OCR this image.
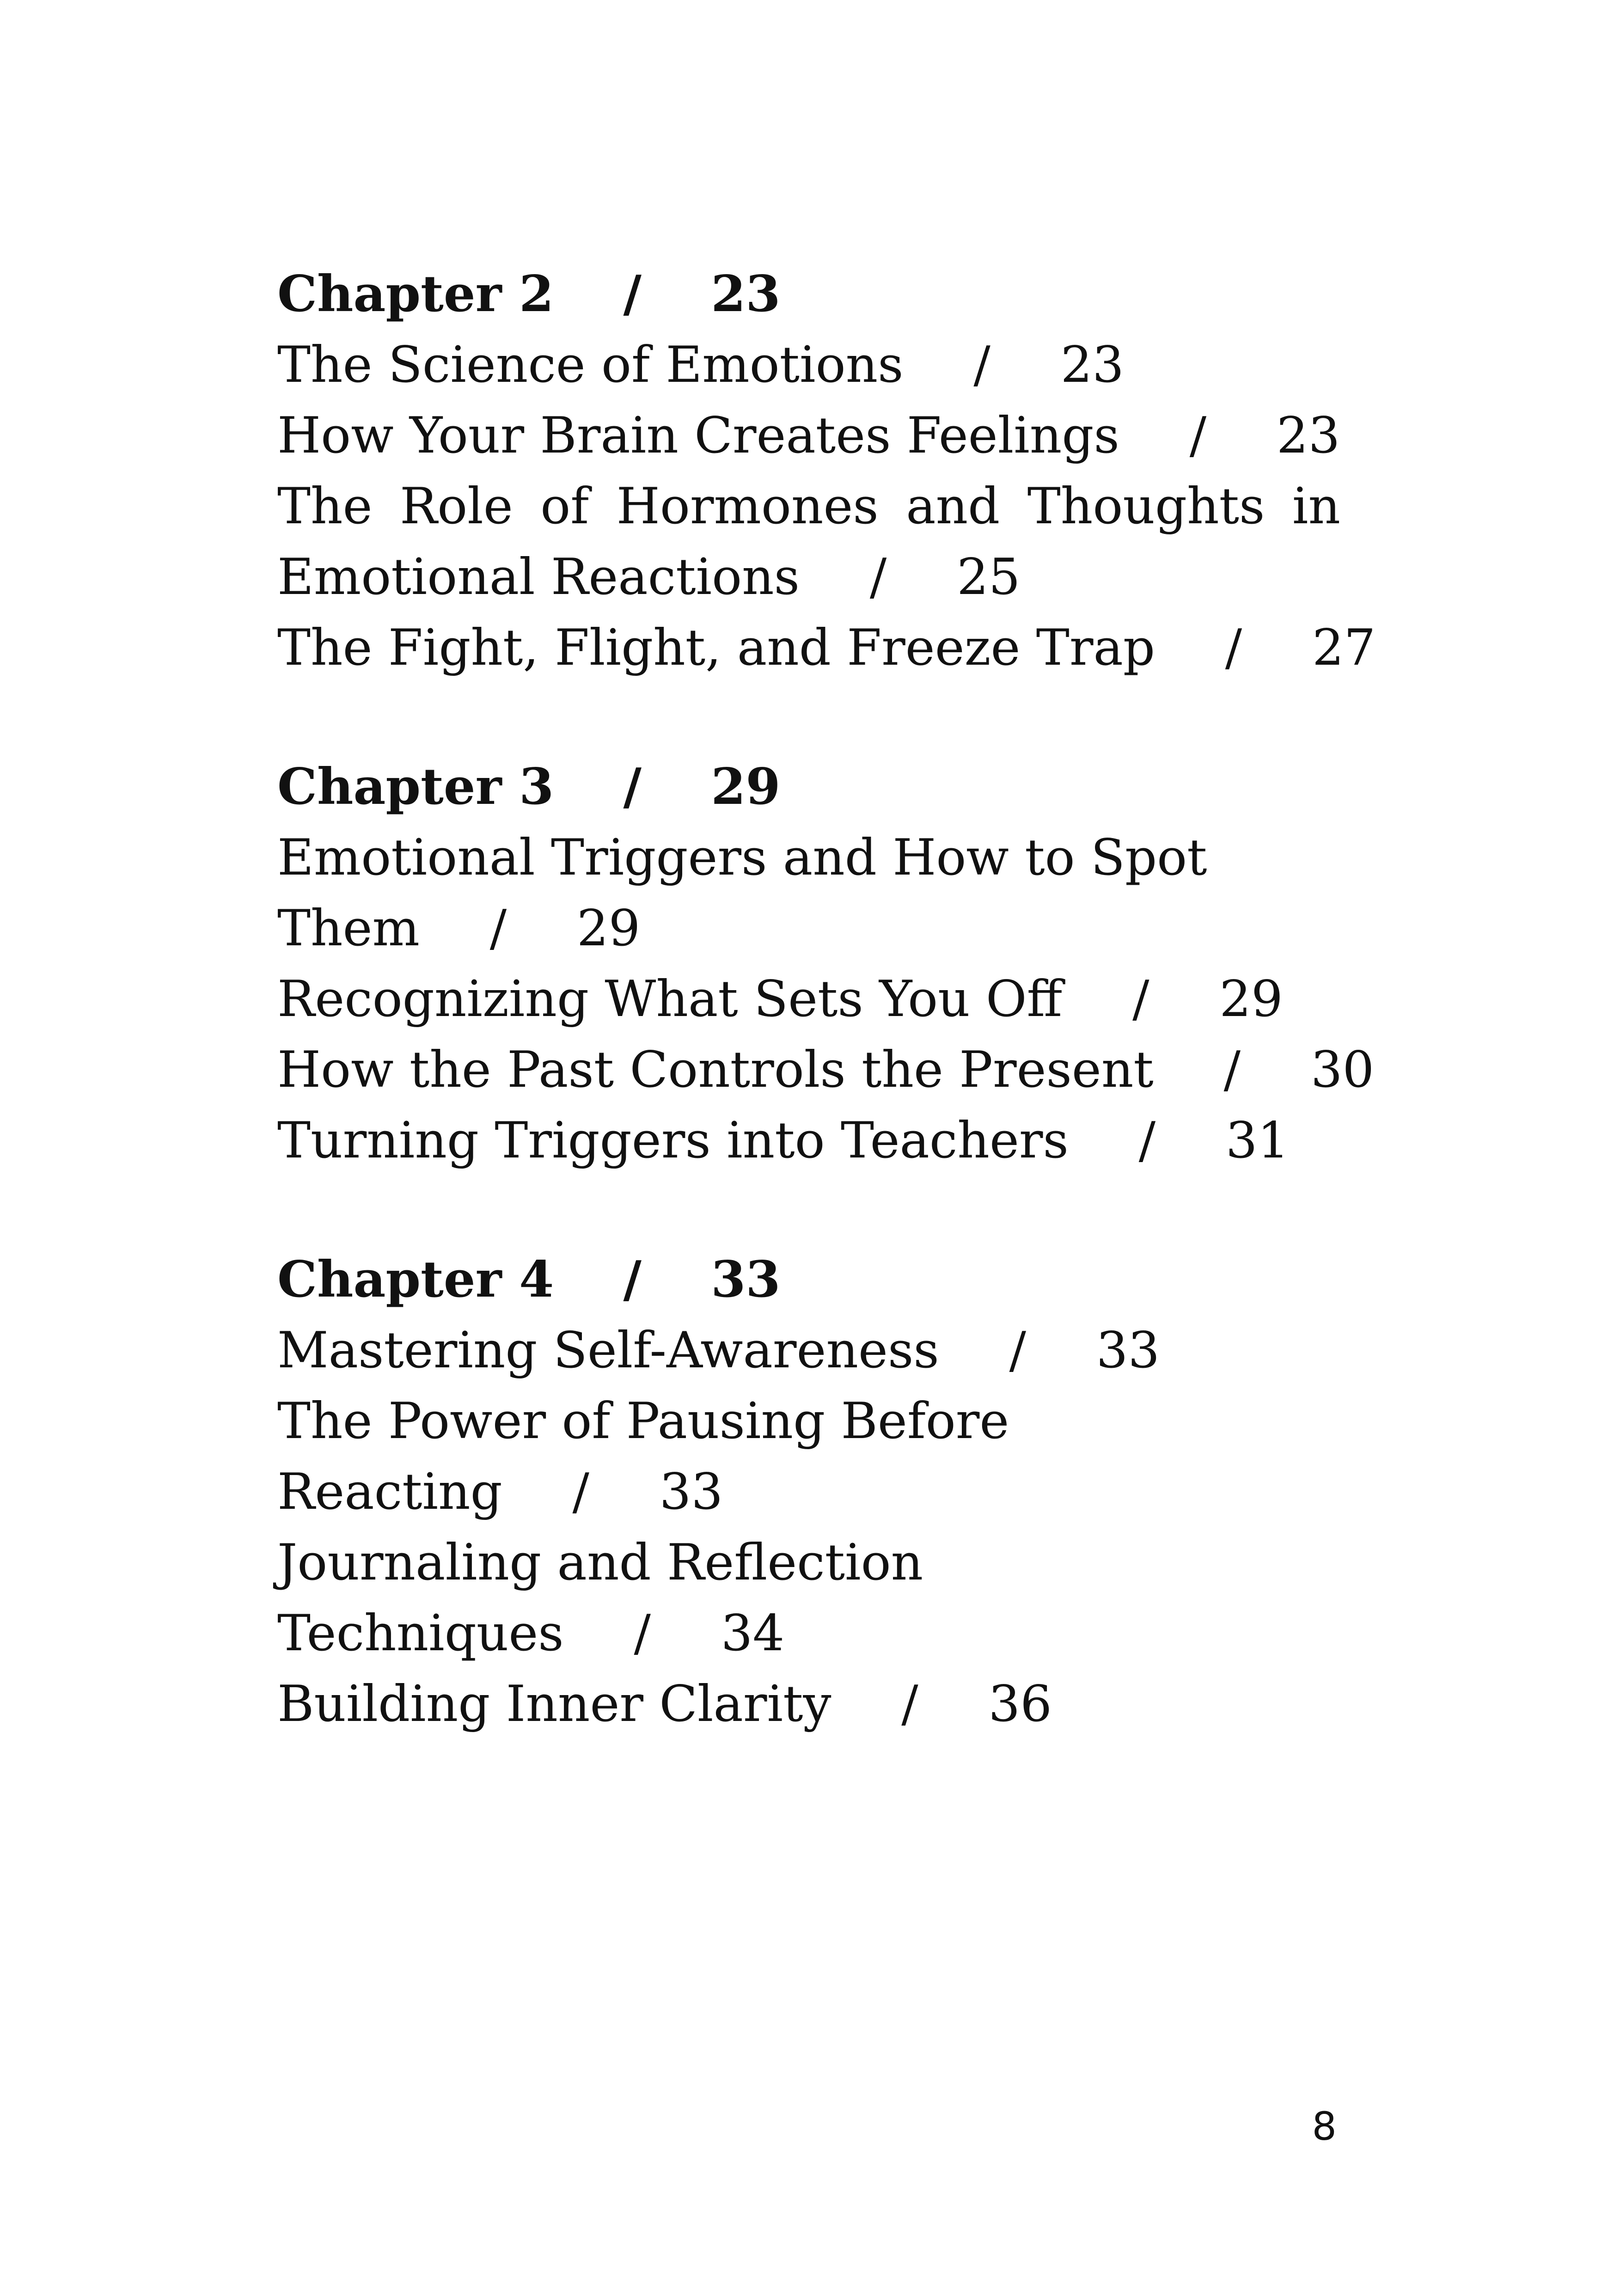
Chapter 2 / 23
The Science of Emotions / 23
How Your Brain Creates Feelings / 23
The Role of Hormones and Thoughts in
Emotional Reactions / 25
The Fight, Flight, and Freeze Trap / 27
Chapter 3 / 29
Emotional Triggers and How to Spot
Them / 29
Recognizing What Sets You Off / 29
How the Past Controls the Present / 30
Turning Triggers into Teachers / 31
Chapter 4 / 33
Mastering Self-Awareness / 33
The Power of Pausing Before
Reacting / 33
Journaling and Reflection
Techniques / 34
Building Inner Clarity / 36
8
